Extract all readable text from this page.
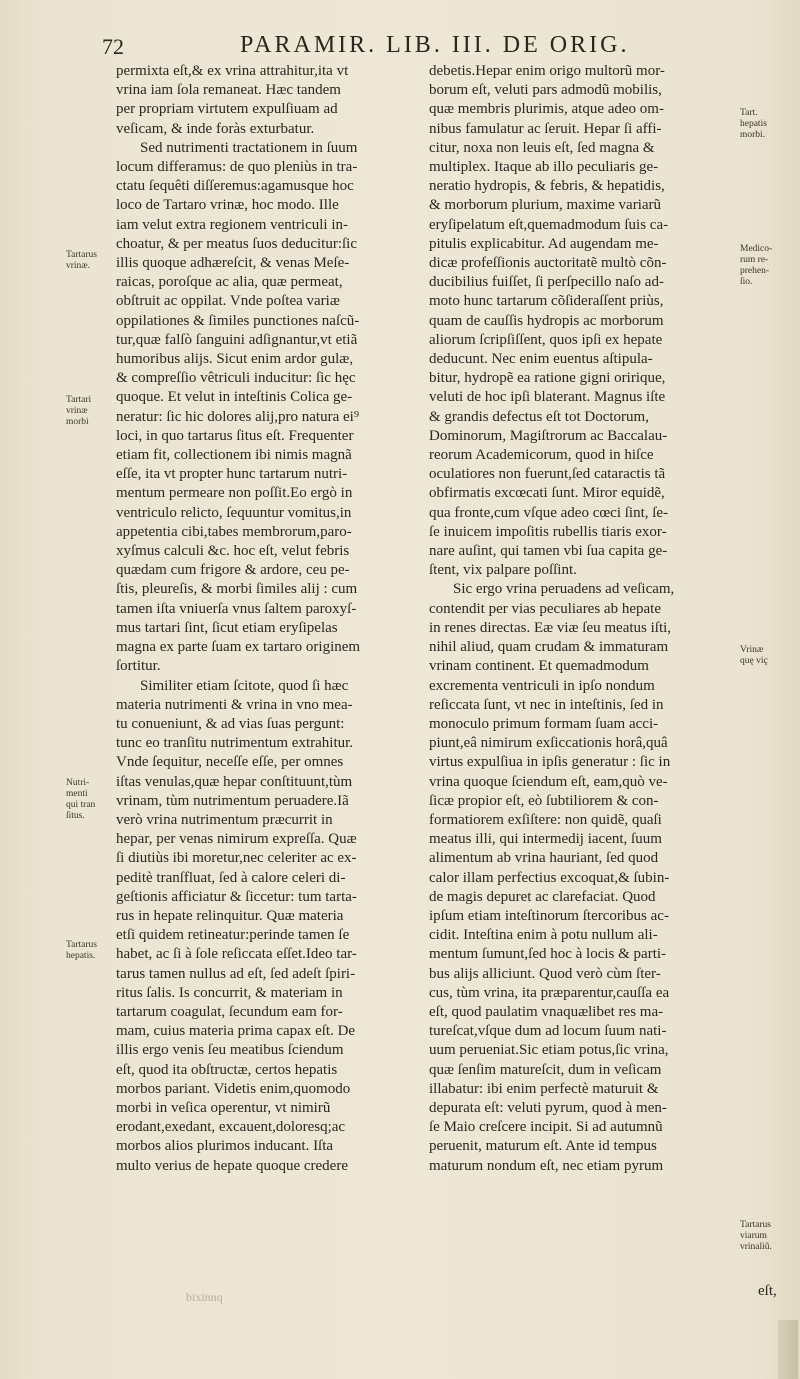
72	PARAMIR. LIB. III. DE ORIG.
permixta eſt,& ex vrina attrahitur,ita vt
vrina iam ſola remaneat. Hæc tandem
per propriam virtutem expulſiuam ad
veſicam, & inde foràs exturbatur.
Sed nutrimenti tractationem in ſuum
locum differamus: de quo pleniùs in tra-
ctatu ſequêti diſſeremus:agamusque hoc
loco de Tartaro vrinæ, hoc modo. Ille
iam velut extra regionem ventriculi in-
choatur, & per meatus ſuos deducitur:ſic
illis quoque adhæreſcit, & venas Meſe-
raicas, poroſque ac alia, quæ permeat,
obſtruit ac oppilat. Vnde poſtea variæ
oppilationes & ſimiles punctiones naſcũ-
tur,quæ falſò ſanguini adſignantur,vt etiã
humoribus alijs. Sicut enim ardor gulæ,
& compreſſio vêtriculi inducitur: ſic hęc
quoque. Et velut in inteſtinis Colica ge-
neratur: ſic hic dolores alij,pro natura ei⁹
loci, in quo tartarus ſitus eſt. Frequenter
etiam fit, collectionem ibi nimis magnã
eſſe, ita vt propter hunc tartarum nutri-
mentum permeare non poſſit.Eo ergò in
ventriculo relicto, ſequuntur vomitus,in
appetentia cibi,tabes membrorum,paro-
xyſmus calculi &c. hoc eſt, velut febris
quædam cum frigore & ardore, ceu pe-
ſtis, pleureſis, & morbi ſimiles alij : cum
tamen iſta vniuerſa vnus ſaltem paroxyſ-
mus tartari ſint, ſicut etiam eryſipelas
magna ex parte ſuam ex tartaro originem
ſortitur.
Similiter etiam ſcitote, quod ſi hæc
materia nutrimenti & vrina in vno mea-
tu conueniunt, & ad vias ſuas pergunt:
tunc eo tranſitu nutrimentum extrahitur.
Vnde ſequitur, neceſſe eſſe, per omnes
iſtas venulas,quæ hepar conſtituunt,tùm
vrinam, tùm nutrimentum peruadere.Iã
verò vrina nutrimentum præcurrit in
hepar, per venas nimirum expreſſa. Quæ
ſi diutiùs ibi moretur,nec celeriter ac ex-
peditè tranſfluat, ſed à calore celeri di-
geſtionis afficiatur & ſiccetur: tum tarta-
rus in hepate relinquitur. Quæ materia
etſi quidem retineatur:perinde tamen ſe
habet, ac ſi à ſole reſiccata eſſet.Ideo tar-
tarus tamen nullus ad eſt, ſed adeſt ſpiri-
ritus ſalis. Is concurrit, & materiam in
tartarum coagulat, ſecundum eam for-
mam, cuius materia prima capax eſt. De
illis ergo venis ſeu meatibus ſciendum
eſt, quod ita obſtructæ, certos hepatis
morbos pariant. Videtis enim,quomodo
morbi in veſica operentur, vt nimirũ
erodant,exedant, excauent,doloresq;ac
morbos alios plurimos inducant. Iſta
multo verius de hepate quoque credere
debetis.Hepar enim origo multorũ mor-
borum eſt, veluti pars admodũ mobilis,
quæ membris plurimis, atque adeo om-
nibus famulatur ac ſeruit. Hepar ſi affi-
citur, noxa non leuis eſt, ſed magna &
multiplex. Itaque ab illo peculiaris ge-
neratio hydropis, & febris, & hepatidis,
& morborum plurium, maxime variarũ
eryſipelatum eſt,quemadmodum ſuis ca-
pitulis explicabitur. Ad augendam me-
dicæ profeſſionis auctoritatẽ multò cõn-
ducibilius fuiſſet, ſi perſpecillo naſo ad-
moto hunc tartarum cõſideraſſent priùs,
quam de cauſſis hydropis ac morborum
aliorum ſcripſiſſent, quos ipſi ex hepate
deducunt. Nec enim euentus aſtipula-
bitur, hydropẽ ea ratione gigni oririque,
veluti de hoc ipſi blaterant. Magnus iſte
& grandis defectus eſt tot Doctorum,
Dominorum, Magiſtrorum ac Baccalau-
reorum Academicorum, quod in hiſce
oculatiores non fuerunt,ſed cataractis tã
obfirmatis excœcati ſunt. Miror equidẽ,
qua fronte,cum vſque adeo cœci ſint, ſe-
ſe inuicem impoſitis rubellis tiaris exor-
nare auſint, qui tamen vbi ſua capita ge-
ſtent, vix palpare poſſint.
Sic ergo vrina peruadens ad veſicam,
contendit per vias peculiares ab hepate
in renes directas. Eæ viæ ſeu meatus iſti,
nihil aliud, quam crudam & immaturam
vrinam continent. Et quemadmodum
excrementa ventriculi in ipſo nondum
reſiccata ſunt, vt nec in inteſtinis, ſed in
monoculo primum formam ſuam acci-
piunt,eâ nimirum exſiccationis horâ,quâ
virtus expulſiua in ipſis generatur : ſic in
vrina quoque ſciendum eſt, eam,quò ve-
ſicæ propior eſt, eò ſubtiliorem & con-
formatiorem exſiſtere: non quidẽ, quaſi
meatus illi, qui intermedij iacent, ſuum
alimentum ab vrina hauriant, ſed quod
calor illam perfectius excoquat,& ſubin-
de magis depuret ac clarefaciat. Quod
ipſum etiam inteſtinorum ſtercoribus ac-
cidit. Inteſtina enim à potu nullum ali-
mentum ſumunt,ſed hoc à locis & parti-
bus alijs alliciunt. Quod verò cùm ſter-
cus, tùm vrina, ita præparentur,cauſſa ea
eſt, quod paulatim vnaquælibet res ma-
tureſcat,vſque dum ad locum ſuum nati-
uum perueniat.Sic etiam potus,ſic vrina,
quæ ſenſim matureſcit, dum in veſicam
illabatur: ibi enim perfectè maturuit &
depurata eſt: veluti pyrum, quod à men-
ſe Maio creſcere incipit. Si ad autumnũ
peruenit, maturum eſt. Ante id tempus
maturum nondum eſt, nec etiam pyrum
Tartarus
vrinæ.
Tartari
vrinæ
morbi
Nutri-
menti
qui tran
ſitus.
Tartarus
hepatis.
Tart.
hepatis
morbi.
Medico-
rum re-
prehen-
ſio.
Vrinæ
quę viç
Tartarus
viarum
vrinaliũ.
bixinnq	eſt,
